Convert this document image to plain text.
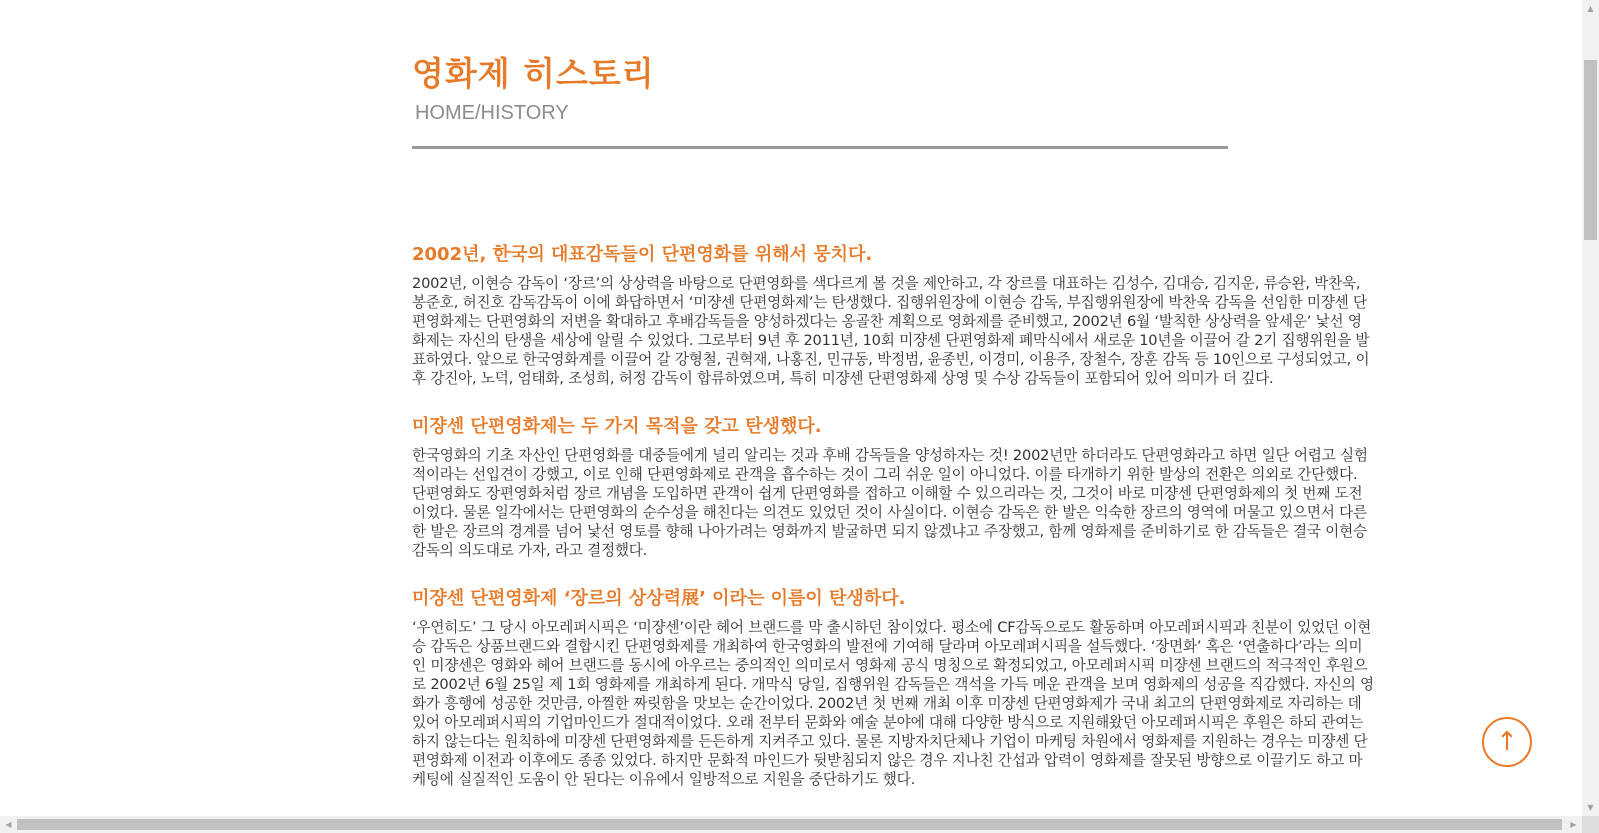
영화제 히스토리
HOME/HISTORY
2002년, 한국의 대표감독들이 단편영화를 위해서 뭉치다.

2002년, 이현승 감독이 ‘장르’의 상상력을 바탕으로 단편영화를 색다르게 볼 것을 제안하고, 각 장르를 대표하는 김성수, 김대승, 김지운, 류승완, 박찬욱, 봉준호, 허진호 감독감독이 이에 화답하면서 ‘미쟝센 단편영화제’는 탄생했다. 집행위원장에 이현승 감독, 부집행위원장에 박찬욱 감독을 선임한 미쟝센 단편영화제는 단편영화의 저변을 확대하고 후배감독들을 양성하겠다는 옹골찬 계획으로 영화제를 준비했고, 2002년 6월 ‘발칙한 상상력을 앞세운’ 낯선 영화제는 자신의 탄생을 세상에 알릴 수 있었다. 그로부터 9년 후 2011년, 10회 미쟝센 단편영화제 폐막식에서 새로운 10년을 이끌어 갈 2기 집행위원을 발표하였다. 앞으로 한국영화계를 이끌어 갈 강형철, 권혁재, 나홍진, 민규동, 박정범, 윤종빈, 이경미, 이용주, 장철수, 장훈 감독 등 10인으로 구성되었고, 이 후 강진아, 노덕, 엄태화, 조성희, 허정 감독이 합류하였으며, 특히 미쟝센 단편영화제 상영 및 수상 감독들이 포함되어 있어 의미가 더 깊다.

미쟝센 단편영화제는 두 가지 목적을 갖고 탄생했다.

한국영화의 기초 자산인 단편영화를 대중들에게 널리 알리는 것과 후배 감독들을 양성하자는 것! 2002년만 하더라도 단편영화라고 하면 일단 어렵고 실험적이라는 선입견이 강했고, 이로 인해 단편영화제로 관객을 흡수하는 것이 그리 쉬운 일이 아니었다. 이를 타개하기 위한 발상의 전환은 의외로 간단했다. 단편영화도 장편영화처럼 장르 개념을 도입하면 관객이 쉽게 단편영화를 접하고 이해할 수 있으리라는 것, 그것이 바로 미쟝센 단편영화제의 첫 번째 도전이었다. 물론 일각에서는 단편영화의 순수성을 해친다는 의견도 있었던 것이 사실이다. 이현승 감독은 한 발은 익숙한 장르의 영역에 머물고 있으면서 다른 한 발은 장르의 경계를 넘어 낯선 영토를 향해 나아가려는 영화까지 발굴하면 되지 않겠냐고 주장했고, 함께 영화제를 준비하기로 한 감독들은 결국 이현승 감독의 의도대로 가자, 라고 결정했다.

미쟝센 단편영화제 ‘장르의 상상력展’ 이라는 이름이 탄생하다.

‘우연히도’ 그 당시 아모레퍼시픽은 ‘미쟝센’이란 헤어 브랜드를 막 출시하던 참이었다. 평소에 CF감독으로도 활동하며 아모레퍼시픽과 친분이 있었던 이현승 감독은 상품브랜드와 결합시킨 단편영화제를 개최하여 한국영화의 발전에 기여해 달라며 아모레퍼시픽을 설득했다. ‘장면화’ 혹은 ‘연출하다’라는 의미인 미쟝센은 영화와 헤어 브랜드를 동시에 아우르는 중의적인 의미로서 영화제 공식 명칭으로 확정되었고, 아모레퍼시픽 미쟝센 브랜드의 적극적인 후원으로 2002년 6월 25일 제 1회 영화제를 개최하게 된다. 개막식 당일, 집행위원 감독들은 객석을 가득 메운 관객을 보며 영화제의 성공을 직감했다. 자신의 영화가 흥행에 성공한 것만큼, 아찔한 짜릿함을 맛보는 순간이었다. 2002년 첫 번째 개최 이후 미쟝센 단편영화제가 국내 최고의 단편영화제로 자리하는 데 있어 아모레퍼시픽의 기업마인드가 절대적이었다. 오래 전부터 문화와 예술 분야에 대해 다양한 방식으로 지원해왔던 아모레퍼시픽은 후원은 하되 관여는 하지 않는다는 원칙하에 미쟝센 단편영화제를 든든하게 지켜주고 있다. 물론 지방자치단체나 기업이 마케팅 차원에서 영화제를 지원하는 경우는 미쟝센 단편영화제 이전과 이후에도 종종 있었다. 하지만 문화적 마인드가 뒷받침되지 않은 경우 지나친 간섭과 압력이 영화제를 잘못된 방향으로 이끌기도 하고 마케팅에 실질적인 도움이 안 된다는 이유에서 일방적으로 지원을 중단하기도 했다.

↑
▲
▼
◀	▶
